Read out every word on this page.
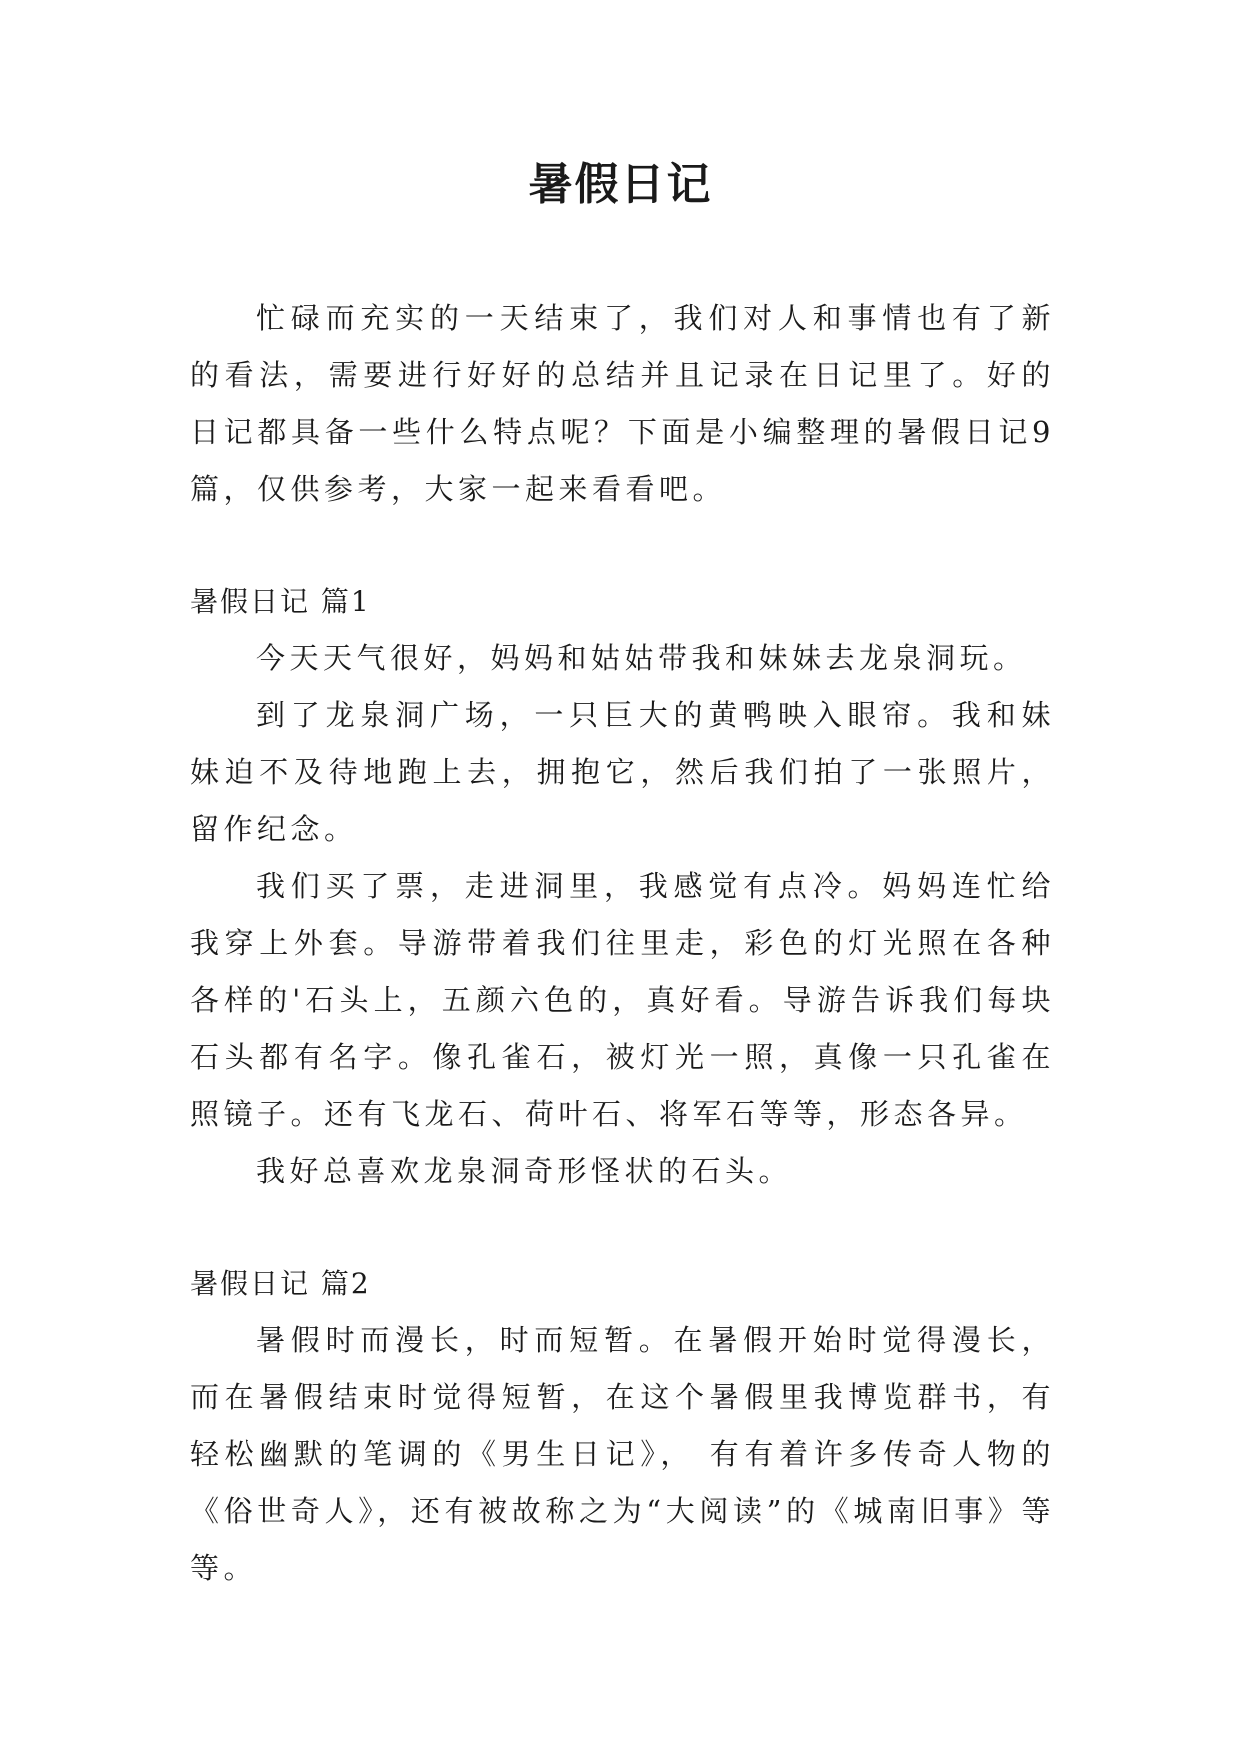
暑假日记

忙碌而充实的一天结束了，我们对人和事情也有了新的看法，需要进行好好的总结并且记录在日记里了。好的日记都具备一些什么特点呢？下面是小编整理的暑假日记9篇，仅供参考，大家一起来看看吧。

暑假日记 篇1

今天天气很好，妈妈和姑姑带我和妹妹去龙泉洞玩。

到了龙泉洞广场，一只巨大的黄鸭映入眼帘。我和妹妹迫不及待地跑上去，拥抱它，然后我们拍了一张照片，留作纪念。

我们买了票，走进洞里，我感觉有点冷。妈妈连忙给我穿上外套。导游带着我们往里走，彩色的灯光照在各种各样的'石头上，五颜六色的，真好看。导游告诉我们每块石头都有名字。像孔雀石，被灯光一照，真像一只孔雀在照镜子。还有飞龙石、荷叶石、将军石等等，形态各异。

我好总喜欢龙泉洞奇形怪状的石头。

暑假日记 篇2

暑假时而漫长，时而短暂。在暑假开始时觉得漫长，而在暑假结束时觉得短暂，在这个暑假里我博览群书，有轻松幽默的笔调的《男生日记》， 有有着许多传奇人物的《俗世奇人》，还有被故称之为“大阅读”的《城南旧事》等等。
